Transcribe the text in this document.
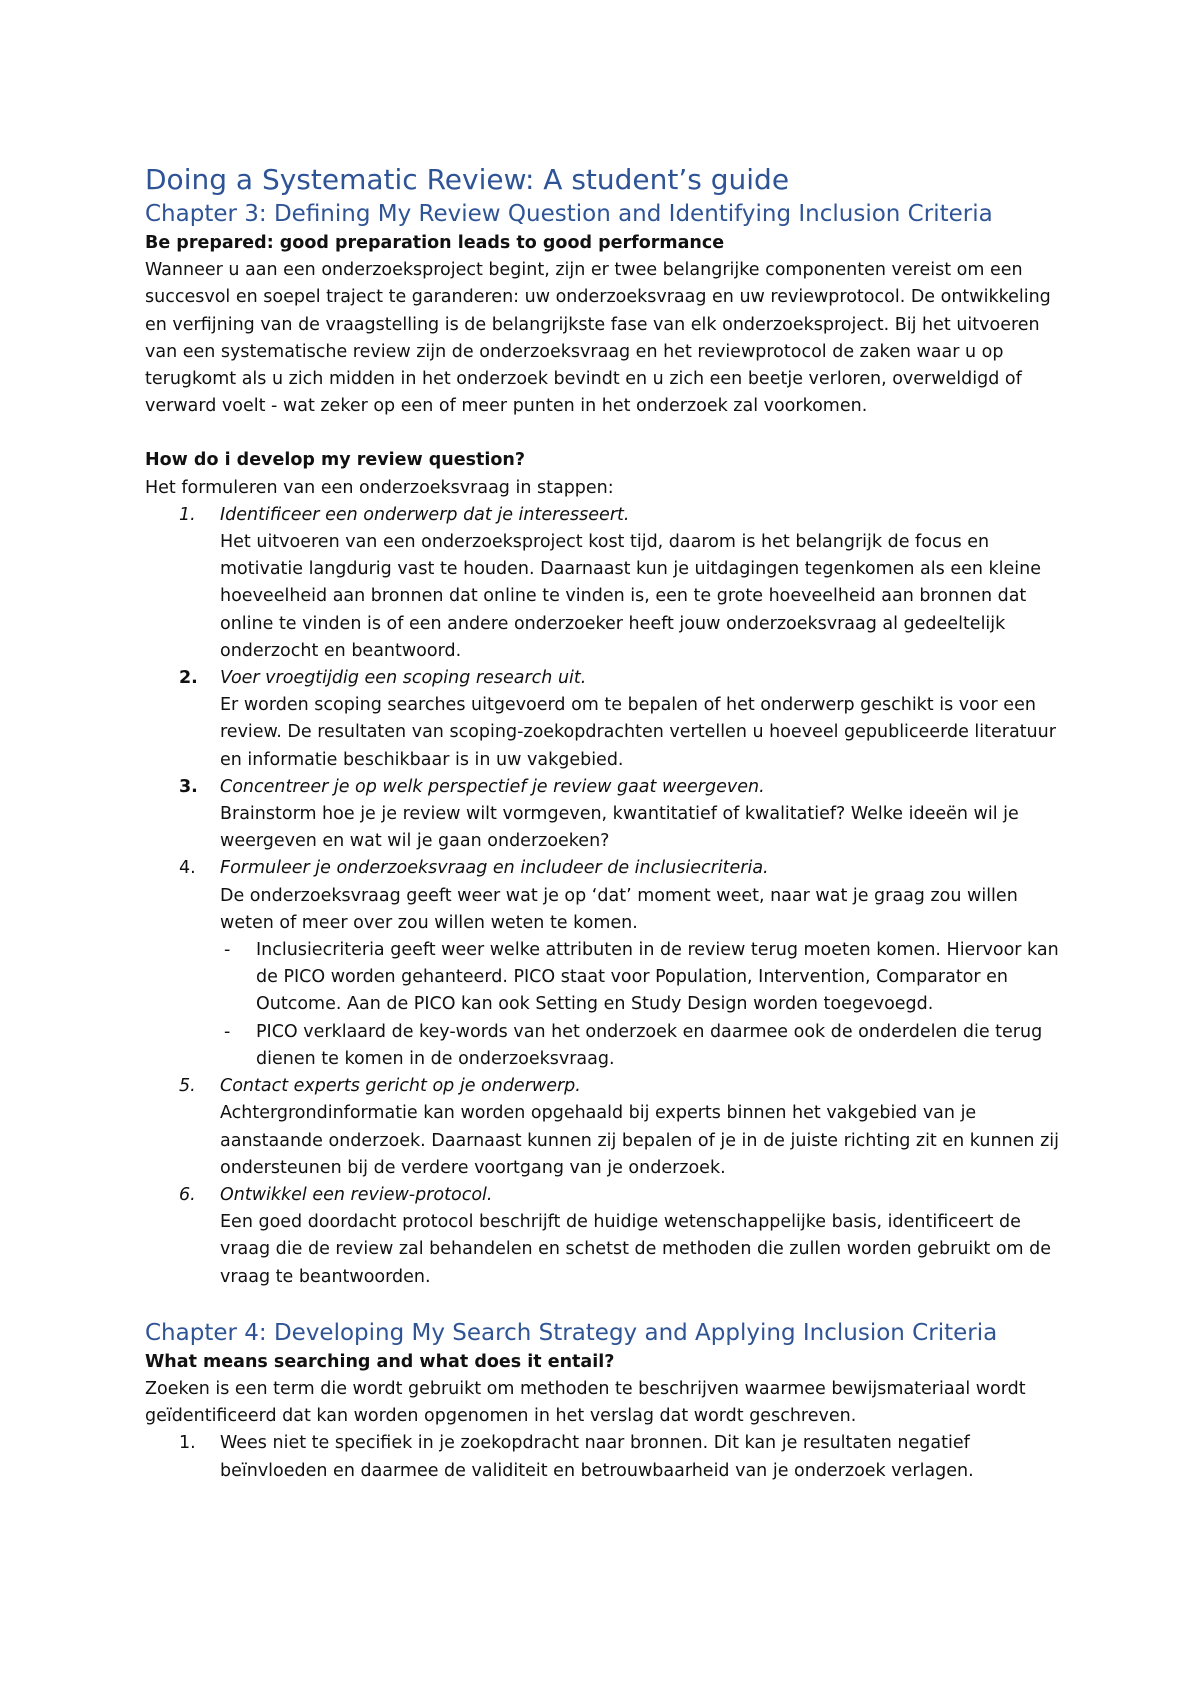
Doing a Systematic Review: A student’s guide
Chapter 3: Defining My Review Question and Identifying Inclusion Criteria

Be prepared: good preparation leads to good performance

Wanneer u aan een onderzoeksproject begint, zijn er twee belangrijke componenten vereist om een succesvol en soepel traject te garanderen: uw onderzoeksvraag en uw reviewprotocol. De ontwikkeling en verfijning van de vraagstelling is de belangrijkste fase van elk onderzoeksproject. Bij het uitvoeren van een systematische review zijn de onderzoeksvraag en het reviewprotocol de zaken waar u op terugkomt als u zich midden in het onderzoek bevindt en u zich een beetje verloren, overweldigd of verward voelt - wat zeker op een of meer punten in het onderzoek zal voorkomen.

How do i develop my review question?

Het formuleren van een onderzoeksvraag in stappen:

1.	Identificeer een onderwerp dat je interesseert.
Het uitvoeren van een onderzoeksproject kost tijd, daarom is het belangrijk de focus en motivatie langdurig vast te houden. Daarnaast kun je uitdagingen tegenkomen als een kleine hoeveelheid aan bronnen dat online te vinden is, een te grote hoeveelheid aan bronnen dat online te vinden is of een andere onderzoeker heeft jouw onderzoeksvraag al gedeeltelijk onderzocht en beantwoord.
2.	Voer vroegtijdig een scoping research uit.
Er worden scoping searches uitgevoerd om te bepalen of het onderwerp geschikt is voor een review. De resultaten van scoping-zoekopdrachten vertellen u hoeveel gepubliceerde literatuur en informatie beschikbaar is in uw vakgebied.
3.	Concentreer je op welk perspectief je review gaat weergeven.
Brainstorm hoe je je review wilt vormgeven, kwantitatief of kwalitatief? Welke ideeën wil je weergeven en wat wil je gaan onderzoeken?
4.	Formuleer je onderzoeksvraag en includeer de inclusiecriteria.
De onderzoeksvraag geeft weer wat je op ‘dat’ moment weet, naar wat je graag zou willen weten of meer over zou willen weten te komen.
- Inclusiecriteria geeft weer welke attributen in de review terug moeten komen. Hiervoor kan de PICO worden gehanteerd. PICO staat voor Population, Intervention, Comparator en Outcome. Aan de PICO kan ook Setting en Study Design worden toegevoegd.
- PICO verklaard de key-words van het onderzoek en daarmee ook de onderdelen die terug dienen te komen in de onderzoeksvraag.
5.	Contact experts gericht op je onderwerp.
Achtergrondinformatie kan worden opgehaald bij experts binnen het vakgebied van je aanstaande onderzoek. Daarnaast kunnen zij bepalen of je in de juiste richting zit en kunnen zij ondersteunen bij de verdere voortgang van je onderzoek.
6.	Ontwikkel een review-protocol.
Een goed doordacht protocol beschrijft de huidige wetenschappelijke basis, identificeert de vraag die de review zal behandelen en schetst de methoden die zullen worden gebruikt om de vraag te beantwoorden.
Chapter 4: Developing My Search Strategy and Applying Inclusion Criteria

What means searching and what does it entail?

Zoeken is een term die wordt gebruikt om methoden te beschrijven waarmee bewijsmateriaal wordt geïdentificeerd dat kan worden opgenomen in het verslag dat wordt geschreven.

1.	Wees niet te specifiek in je zoekopdracht naar bronnen. Dit kan je resultaten negatief beïnvloeden en daarmee de validiteit en betrouwbaarheid van je onderzoek verlagen.
